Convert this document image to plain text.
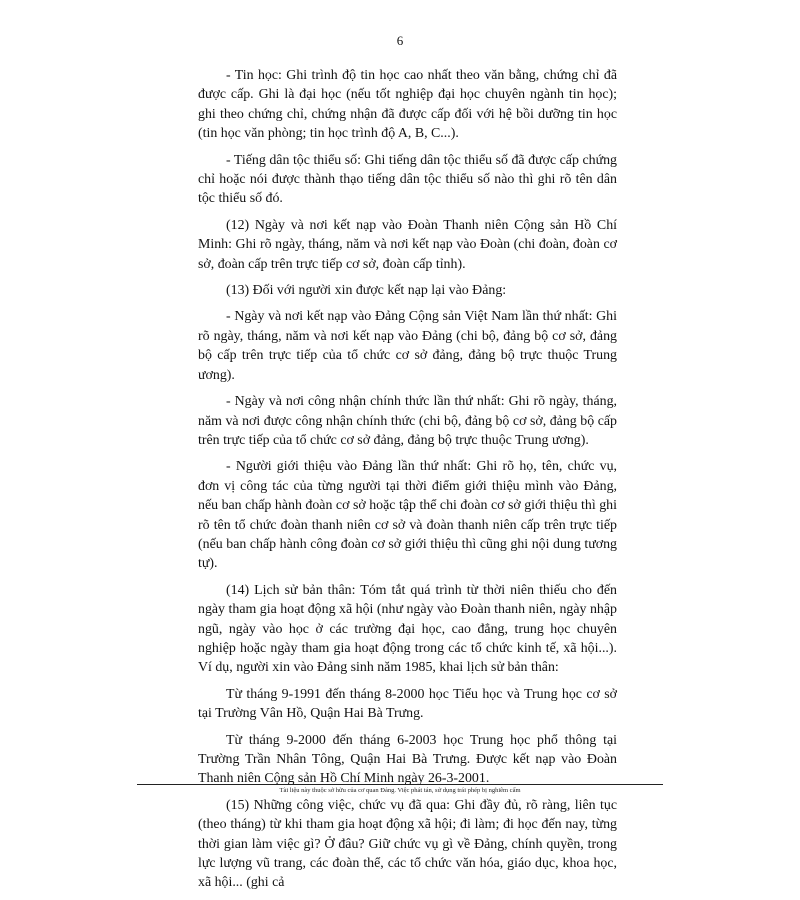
6

- Tin học: Ghi trình độ tin học cao nhất theo văn bằng, chứng chỉ đã được cấp. Ghi là đại học (nếu tốt nghiệp đại học chuyên ngành tin học); ghi theo chứng chỉ, chứng nhận đã được cấp đối với hệ bồi dưỡng tin học (tin học văn phòng; tin học trình độ A, B, C...).

- Tiếng dân tộc thiểu số: Ghi tiếng dân tộc thiểu số đã được cấp chứng chỉ hoặc nói được thành thạo tiếng dân tộc thiểu số nào thì ghi rõ tên dân tộc thiểu số đó.

(12) Ngày và nơi kết nạp vào Đoàn Thanh niên Cộng sản Hồ Chí Minh: Ghi rõ ngày, tháng, năm và nơi kết nạp vào Đoàn (chi đoàn, đoàn cơ sở, đoàn cấp trên trực tiếp cơ sở, đoàn cấp tỉnh).

(13) Đối với người xin được kết nạp lại vào Đảng:

- Ngày và nơi kết nạp vào Đảng Cộng sản Việt Nam lần thứ nhất: Ghi rõ ngày, tháng, năm và nơi kết nạp vào Đảng (chi bộ, đảng bộ cơ sở, đảng bộ cấp trên trực tiếp của tổ chức cơ sở đảng, đảng bộ trực thuộc Trung ương).

- Ngày và nơi công nhận chính thức lần thứ nhất: Ghi rõ ngày, tháng, năm và nơi được công nhận chính thức (chi bộ, đảng bộ cơ sở, đảng bộ cấp trên trực tiếp của tổ chức cơ sở đảng, đảng bộ trực thuộc Trung ương).

- Người giới thiệu vào Đảng lần thứ nhất: Ghi rõ họ, tên, chức vụ, đơn vị công tác của từng người tại thời điểm giới thiệu mình vào Đảng, nếu ban chấp hành đoàn cơ sở hoặc tập thể chi đoàn cơ sở giới thiệu thì ghi rõ tên tổ chức đoàn thanh niên cơ sở và đoàn thanh niên cấp trên trực tiếp (nếu ban chấp hành công đoàn cơ sở giới thiệu thì cũng ghi nội dung tương tự).

(14) Lịch sử bản thân: Tóm tắt quá trình từ thời niên thiếu cho đến ngày tham gia hoạt động xã hội (như ngày vào Đoàn thanh niên, ngày nhập ngũ, ngày vào học ở các trường đại học, cao đẳng, trung học chuyên nghiệp hoặc ngày tham gia hoạt động trong các tổ chức kinh tế, xã hội...). Ví dụ, người xin vào Đảng sinh năm 1985, khai lịch sử bản thân:

Từ tháng 9-1991 đến tháng 8-2000 học Tiểu học và Trung học cơ sở tại Trường Vân Hồ, Quận Hai Bà Trưng.

Từ tháng 9-2000 đến tháng 6-2003 học Trung học phổ thông tại Trường Trần Nhân Tông, Quận Hai Bà Trưng. Được kết nạp vào Đoàn Thanh niên Cộng sản Hồ Chí Minh ngày 26-3-2001.

(15) Những công việc, chức vụ đã qua: Ghi đầy đủ, rõ ràng, liên tục (theo tháng) từ khi tham gia hoạt động xã hội; đi làm; đi học đến nay, từng thời gian làm việc gì? Ở đâu? Giữ chức vụ gì về Đảng, chính quyền, trong lực lượng vũ trang, các đoàn thể, các tổ chức văn hóa, giáo dục, khoa học, xã hội... (ghi cả

Tài liệu này thuộc sở hữu của cơ quan Đảng. Việc phát tán, sử dụng trái phép bị nghiêm cấm
